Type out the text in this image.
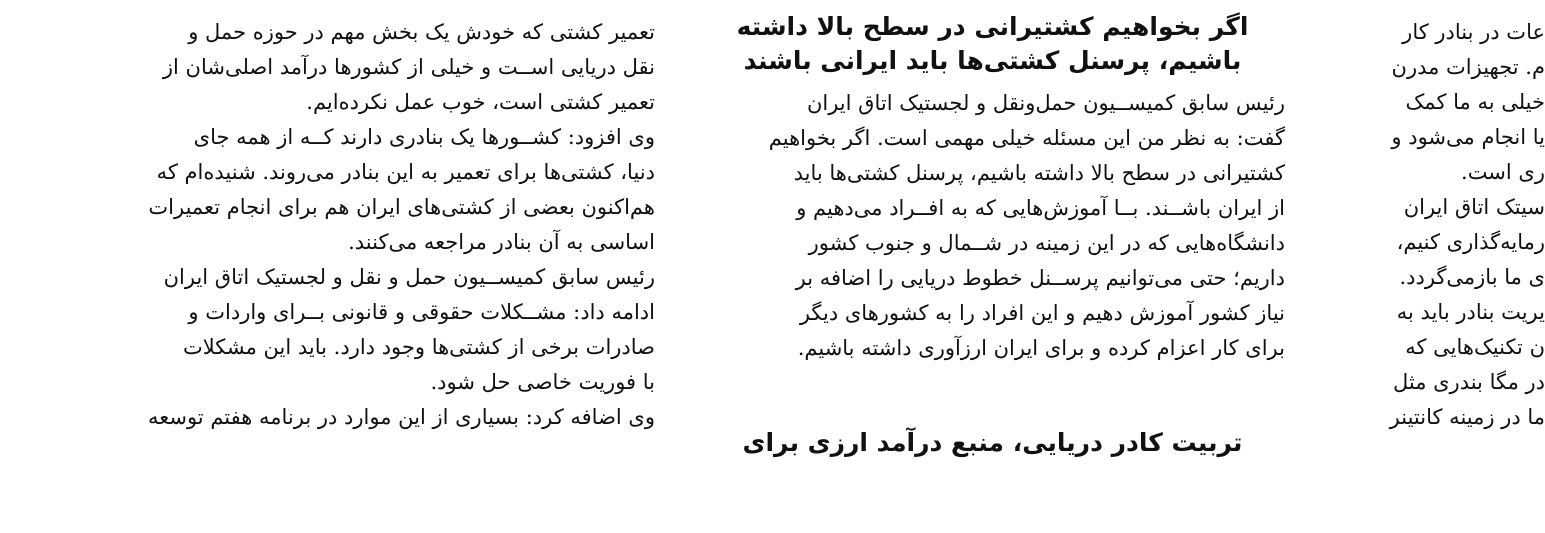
تعمیر کشتی که خودش یک بخش مهم در حوزه حمل و
نقل دریایی اســت و خیلی از کشورها درآمد اصلی‌شان از
تعمیر کشتی است، خوب عمل نکرده‌ایم.
وی افزود: کشــورها یک بنادری دارند کــه از همه جای
دنیا، کشتی‌ها برای تعمیر به این بنادر می‌روند. شنیده‌ام که
هم‌اکنون بعضی از کشتی‌های ایران هم برای انجام تعمیرات
اساسی به آن بنادر مراجعه می‌کنند.
رئیس سابق کمیســیون حمل و نقل و لجستیک اتاق ایران
ادامه داد: مشــکلات حقوقی و قانونی بــرای واردات و
صادرات برخی از کشتی‌ها وجود دارد. باید این مشکلات
با فوریت خاصی حل شود.
وی اضافه کرد: بسیاری از این موارد در برنامه هفتم توسعه

اگر بخواهیم کشتیرانی در سطح بالا داشته
باشیم، پرسنل کشتی‌ها باید ایرانی باشند

رئیس سابق کمیســیون حمل‌ونقل و لجستیک اتاق ایران
گفت: به نظر من این مسئله خیلی مهمی است. اگر بخواهیم
کشتیرانی در سطح بالا داشته باشیم، پرسنل کشتی‌ها باید
از ایران باشــند. بــا آموزش‌هایی که به افــراد می‌دهیم و
دانشگاه‌هایی که در این زمینه در شــمال و جنوب کشور
داریم؛ حتی می‌توانیم پرســنل خطوط دریایی را اضافه بر
نیاز کشور آموزش دهیم و این افراد را به کشورهای دیگر
برای کار اعزام کرده و برای ایران ارزآوری داشته باشیم.

تربیت کادر دریایی، منبع درآمد ارزی برای

عات در بنادر کار
م. تجهیزات مدرن
خیلی به ما کمک
یا انجام می‌شود و
ری است.
سیتک اتاق ایران
رمایه‌گذاری کنیم،
ی ما بازمی‌گردد.
یریت بنادر باید به
ن تکنیک‌هایی که
در مگا بندری مثل
ما در زمینه کانتینر
